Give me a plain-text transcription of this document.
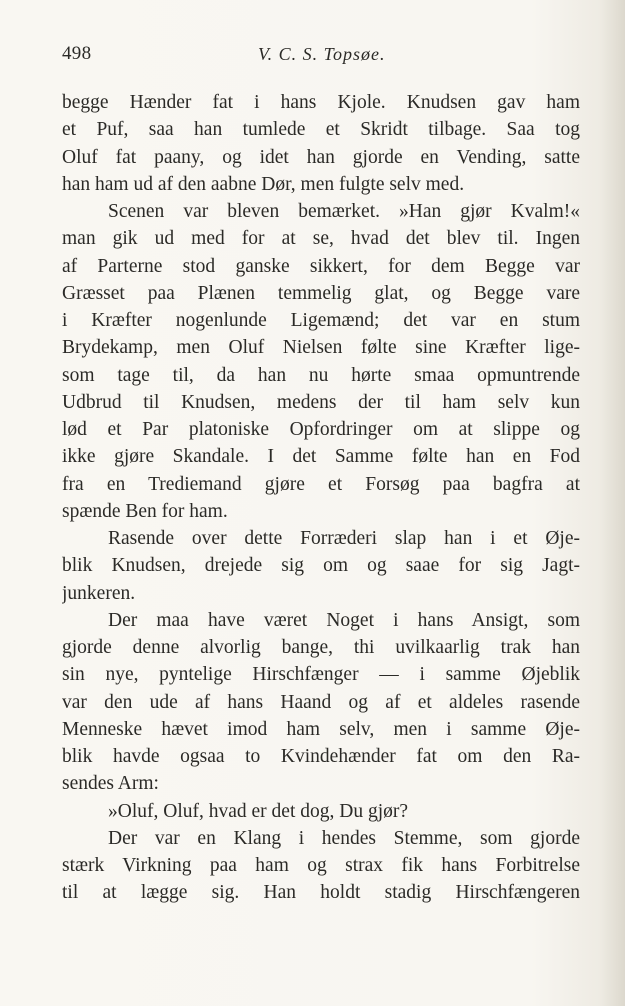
498	V. C. S. Topsøe.
begge Hænder fat i hans Kjole. Knudsen gav ham
et Puf, saa han tumlede et Skridt tilbage. Saa tog
Oluf fat paany, og idet han gjorde en Vending, satte
han ham ud af den aabne Dør, men fulgte selv med.
Scenen var bleven bemærket. »Han gjør Kvalm!«
man gik ud med for at se, hvad det blev til. Ingen
af Parterne stod ganske sikkert, for dem Begge var
Græsset paa Plænen temmelig glat, og Begge vare
i Kræfter nogenlunde Ligemænd; det var en stum
Brydekamp, men Oluf Nielsen følte sine Kræfter lige-
som tage til, da han nu hørte smaa opmuntrende
Udbrud til Knudsen, medens der til ham selv kun
lød et Par platoniske Opfordringer om at slippe og
ikke gjøre Skandale. I det Samme følte han en Fod
fra en Trediemand gjøre et Forsøg paa bagfra at
spænde Ben for ham.
Rasende over dette Forræderi slap han i et Øje-
blik Knudsen, drejede sig om og saae for sig Jagt-
junkeren.
Der maa have været Noget i hans Ansigt, som
gjorde denne alvorlig bange, thi uvilkaarlig trak han
sin nye, pyntelige Hirschfænger — i samme Øjeblik
var den ude af hans Haand og af et aldeles rasende
Menneske hævet imod ham selv, men i samme Øje-
blik havde ogsaa to Kvindehænder fat om den Ra-
sendes Arm:
»Oluf, Oluf, hvad er det dog, Du gjør?
Der var en Klang i hendes Stemme, som gjorde
stærk Virkning paa ham og strax fik hans Forbitrelse
til at lægge sig. Han holdt stadig Hirschfængeren
